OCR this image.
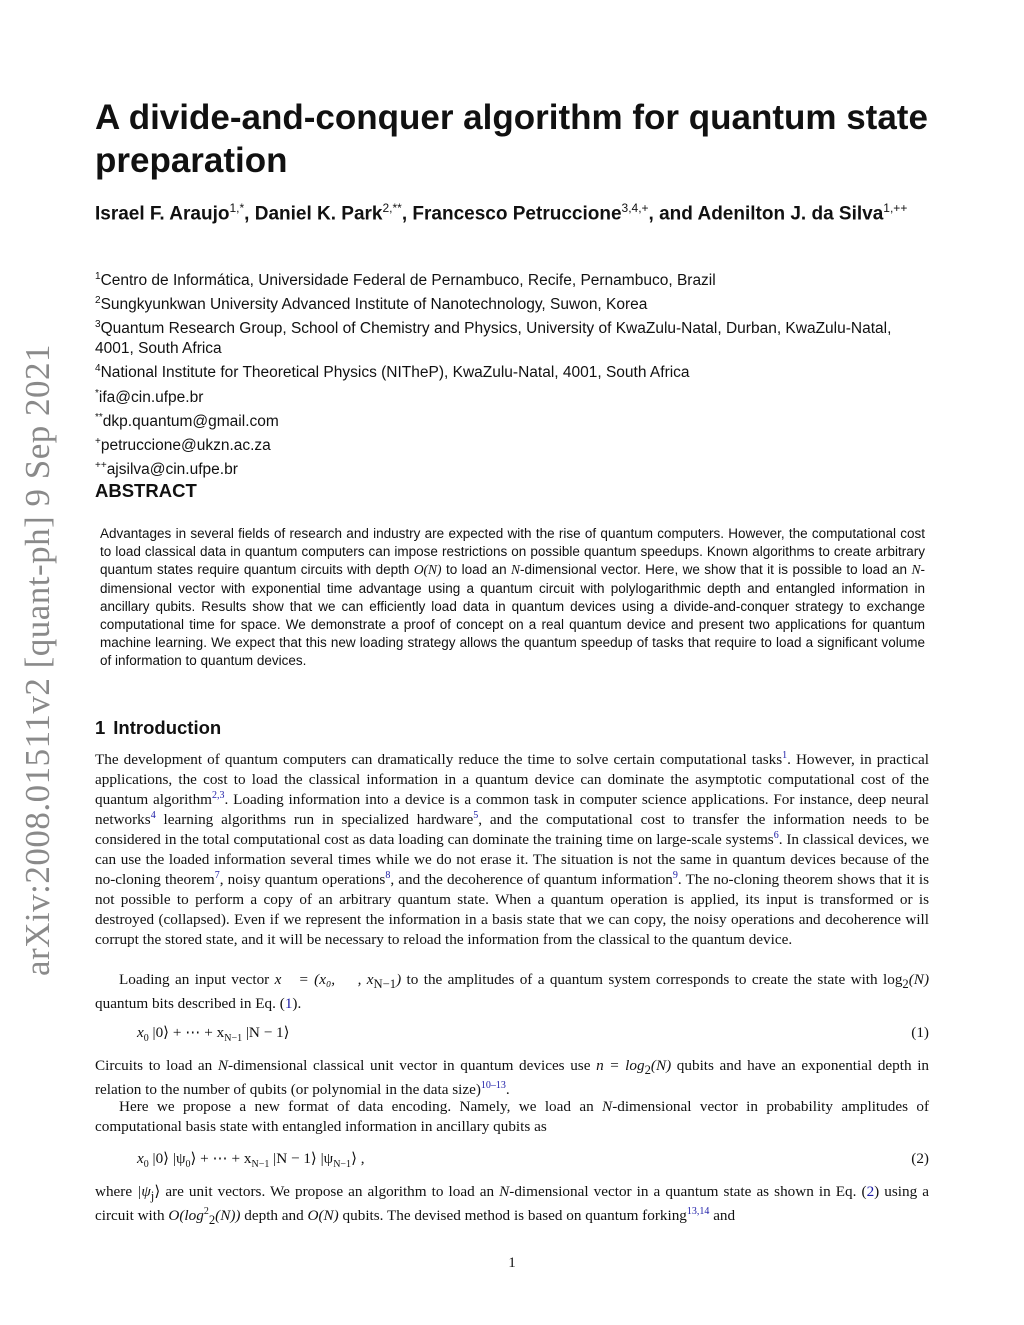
arXiv:2008.01511v2 [quant-ph] 9 Sep 2021
A divide-and-conquer algorithm for quantum state preparation
Israel F. Araujo$^{1,*}$, Daniel K. Park$^{2,**}$, Francesco Petruccione$^{3,4,+}$, and Adenilton J. da Silva$^{1,++}$
$^1$Centro de Informática, Universidade Federal de Pernambuco, Recife, Pernambuco, Brazil
$^2$Sungkyunkwan University Advanced Institute of Nanotechnology, Suwon, Korea
$^3$Quantum Research Group, School of Chemistry and Physics, University of KwaZulu-Natal, Durban, KwaZulu-Natal, 4001, South Africa
$^4$National Institute for Theoretical Physics (NITheP), KwaZulu-Natal, 4001, South Africa
*ifa@cin.ufpe.br
**dkp.quantum@gmail.com
+petruccione@ukzn.ac.za
++ajsilva@cin.ufpe.br
ABSTRACT
Advantages in several fields of research and industry are expected with the rise of quantum computers. However, the computational cost to load classical data in quantum computers can impose restrictions on possible quantum speedups. Known algorithms to create arbitrary quantum states require quantum circuits with depth O(N) to load an N-dimensional vector. Here, we show that it is possible to load an N-dimensional vector with exponential time advantage using a quantum circuit with polylogarithmic depth and entangled information in ancillary qubits. Results show that we can efficiently load data in quantum devices using a divide-and-conquer strategy to exchange computational time for space. We demonstrate a proof of concept on a real quantum device and present two applications for quantum machine learning. We expect that this new loading strategy allows the quantum speedup of tasks that require to load a significant volume of information to quantum devices.
1 Introduction
The development of quantum computers can dramatically reduce the time to solve certain computational tasks$^1$. However, in practical applications, the cost to load the classical information in a quantum device can dominate the asymptotic computational cost of the quantum algorithm$^{2,3}$. Loading information into a device is a common task in computer science applications. For instance, deep neural networks$^4$ learning algorithms run in specialized hardware$^5$, and the computational cost to transfer the information needs to be considered in the total computational cost as data loading can dominate the training time on large-scale systems$^6$. In classical devices, we can use the loaded information several times while we do not erase it. The situation is not the same in quantum devices because of the no-cloning theorem$^7$, noisy quantum operations$^8$, and the decoherence of quantum information$^9$. The no-cloning theorem shows that it is not possible to perform a copy of an arbitrary quantum state. When a quantum operation is applied, its input is transformed or is destroyed (collapsed). Even if we represent the information in a basis state that we can copy, the noisy operations and decoherence will corrupt the stored state, and it will be necessary to reload the information from the classical to the quantum device.
Loading an input vector x⃗ = (x₀, ⋯ , $x_{N-1}$) to the amplitudes of a quantum system corresponds to create the state with $\log_2(N)$ quantum bits described in Eq. (1).
$x_0$ |0⟩ + ⋯ + $x_{N-1}$ |N − 1⟩	(1)
Circuits to load an N-dimensional classical unit vector in quantum devices use $n = \log_2(N)$ qubits and have an exponential depth in relation to the number of qubits (or polynomial in the data size)$^{10-13}$.
Here we propose a new format of data encoding. Namely, we load an N-dimensional vector in probability amplitudes of computational basis state with entangled information in ancillary qubits as
$x_0$ |0⟩ $|\psi_0⟩$ + ⋯ + $x_{N-1}$ |N − 1⟩ $|\psi_{N-1}⟩$ ,	(2)
where $|\psi_j⟩$ are unit vectors. We propose an algorithm to load an N-dimensional vector in a quantum state as shown in Eq. (2) using a circuit with $O(\log^2_2(N))$ depth and O(N) qubits. The devised method is based on quantum forking$^{13,14}$ and
1
